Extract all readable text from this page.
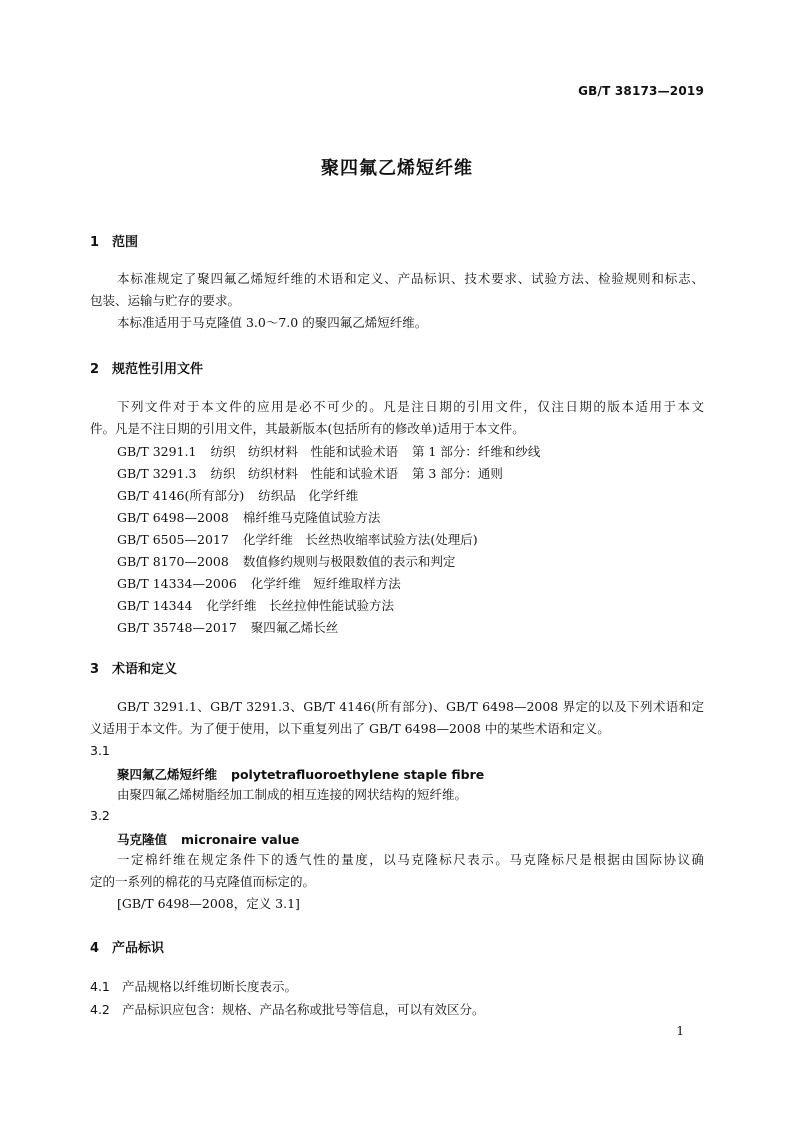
GB/T 38173—2019
聚四氟乙烯短纤维
1 范围
本标准规定了聚四氟乙烯短纤维的术语和定义、产品标识、技术要求、试验方法、检验规则和标志、
包装、运输与贮存的要求。
本标准适用于马克隆值 3.0～7.0 的聚四氟乙烯短纤维。
2 规范性引用文件
下列文件对于本文件的应用是必不可少的。凡是注日期的引用文件，仅注日期的版本适用于本文
件。凡是不注日期的引用文件，其最新版本(包括所有的修改单)适用于本文件。
GB/T 3291.1 纺织　纺织材料　性能和试验术语 第 1 部分：纤维和纱线
GB/T 3291.3 纺织　纺织材料　性能和试验术语 第 3 部分：通则
GB/T 4146(所有部分) 纺织品　化学纤维
GB/T 6498—2008 棉纤维马克隆值试验方法
GB/T 6505—2017 化学纤维　长丝热收缩率试验方法(处理后)
GB/T 8170—2008 数值修约规则与极限数值的表示和判定
GB/T 14334—2006 化学纤维　短纤维取样方法
GB/T 14344 化学纤维　长丝拉伸性能试验方法
GB/T 35748—2017 聚四氟乙烯长丝
3 术语和定义
GB/T 3291.1、GB/T 3291.3、GB/T 4146(所有部分)、GB/T 6498—2008 界定的以及下列术语和定
义适用于本文件。为了便于使用，以下重复列出了 GB/T 6498—2008 中的某些术语和定义。
3.1
聚四氟乙烯短纤维 polytetrafluoroethylene staple fibre
由聚四氟乙烯树脂经加工制成的相互连接的网状结构的短纤维。
3.2
马克隆值 micronaire value
一定棉纤维在规定条件下的透气性的量度，以马克隆标尺表示。马克隆标尺是根据由国际协议确
定的一系列的棉花的马克隆值而标定的。
[GB/T 6498—2008，定义 3.1]
4 产品标识
4.1 产品规格以纤维切断长度表示。
4.2 产品标识应包含：规格、产品名称或批号等信息，可以有效区分。
1
